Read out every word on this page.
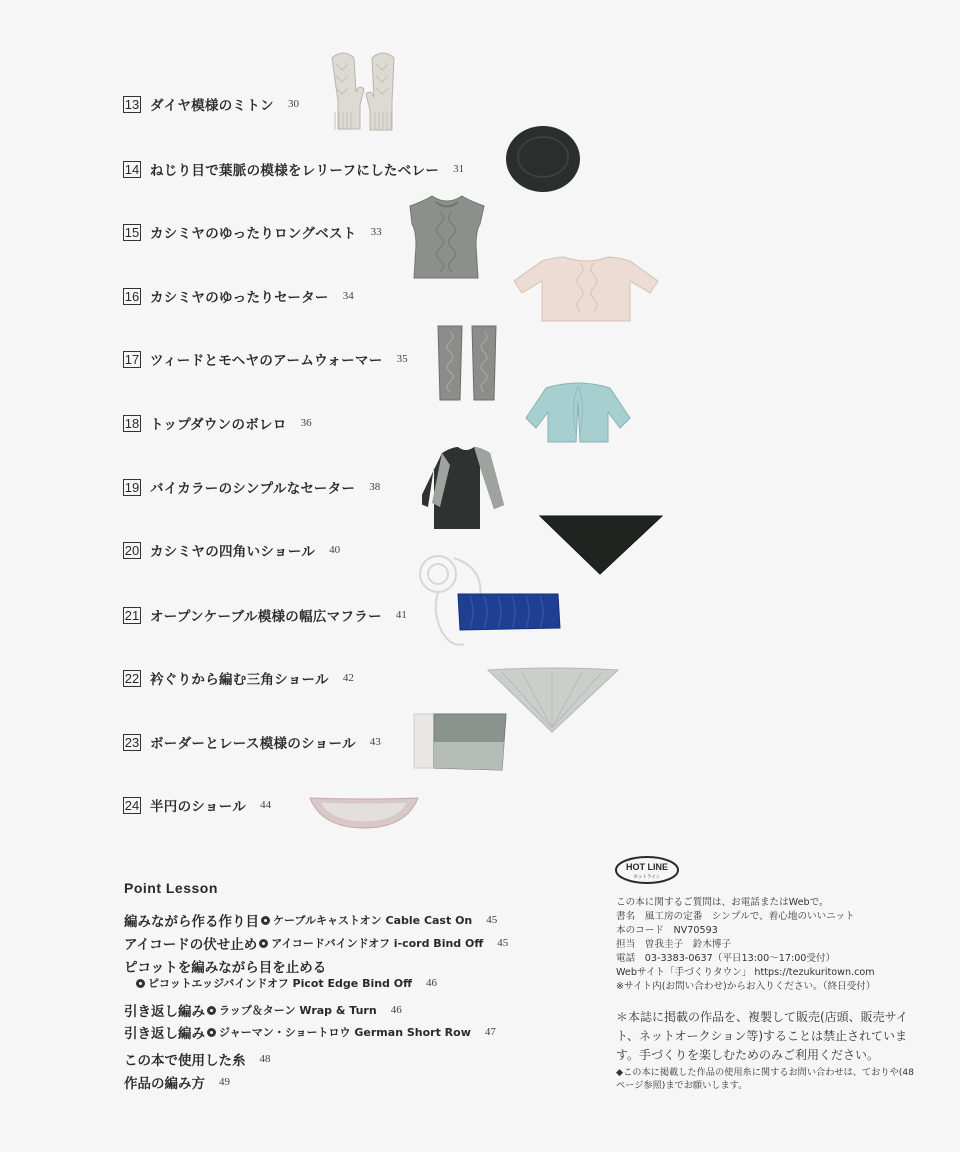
13 ダイヤ模様のミトン 30
14 ねじり目で葉脈の模様をレリーフにしたベレー 31
15 カシミヤのゆったりロングベスト 33
16 カシミヤのゆったりセーター 34
17 ツィードとモヘヤのアームウォーマー 35
18 トップダウンのボレロ 36
19 バイカラーのシンプルなセーター 38
20 カシミヤの四角いショール 40
21 オープンケーブル模様の幅広マフラー 41
22 衿ぐりから編む三角ショール 42
23 ボーダーとレース模様のショール 43
24 半円のショール 44
Point Lesson
編みながら作る作り目 ケーブルキャストオン Cable Cast On 45
アイコードの伏せ止め アイコードバインドオフ i-cord Bind Off 45
ピコットを編みながら目を止める
ピコットエッジバインドオフ Picot Edge Bind Off 46
引き返し編み ラップ＆ターン Wrap & Turn 46
引き返し編み ジャーマン・ショートロウ German Short Row 47
この本で使用した糸 48
作品の編み方 49
HOT LINE
ホットライン
この本に関するご質問は、お電話またはWebで。
書名　風工房の定番　シンプルで、着心地のいいニット
本のコード　NV70593
担当　曽我圭子　鈴木博子
電話　03-3383-0637（平日13:00〜17:00受付）
Webサイト「手づくりタウン」 https://tezukuritown.com
※サイト内(お問い合わせ)からお入りください。（終日受付）
＊本誌に掲載の作品を、複製して販売(店頭、販売サイト、ネットオークション等)することは禁止されています。手づくりを楽しむためのみご利用ください。
◆この本に掲載した作品の使用糸に関するお問い合わせは、ておりや(48ページ参照)までお願いします。
